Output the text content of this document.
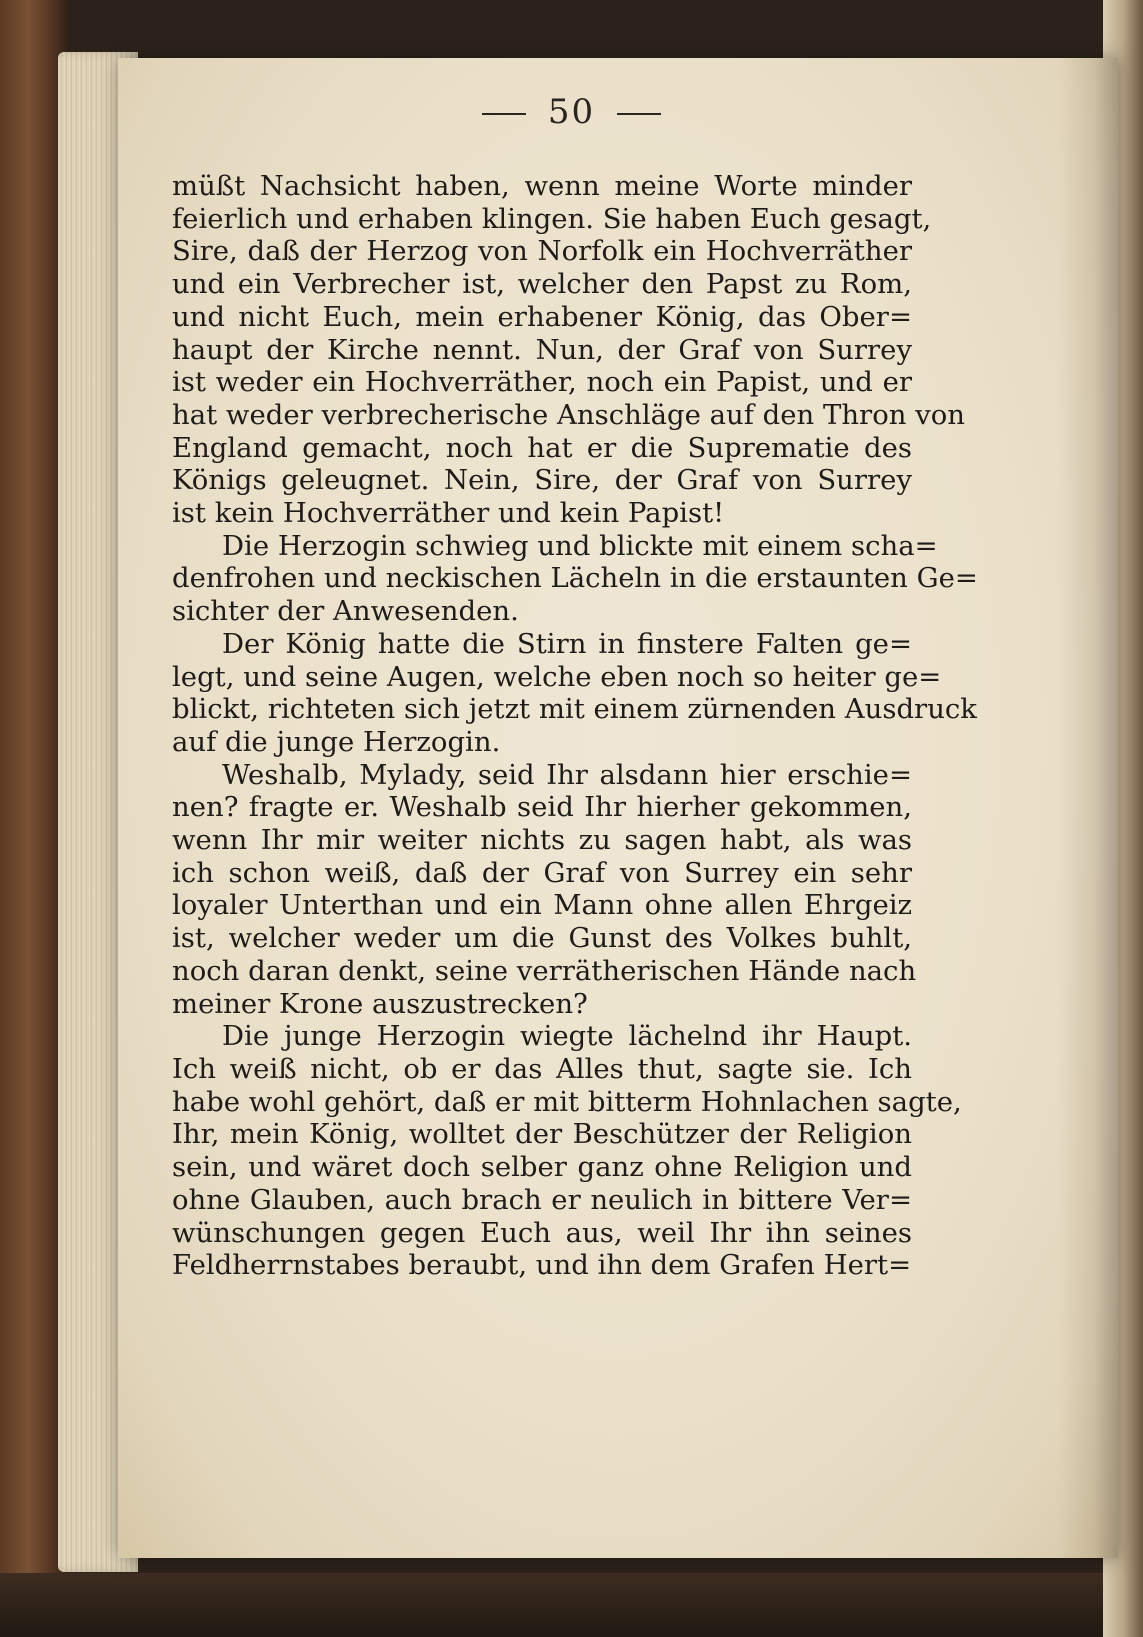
50

müßt Nachsicht haben, wenn meine Worte minder
feierlich und erhaben klingen. Sie haben Euch gesagt,
Sire, daß der Herzog von Norfolk ein Hochverräther
und ein Verbrecher ist, welcher den Papst zu Rom,
und nicht Euch, mein erhabener König, das Ober=
haupt der Kirche nennt. Nun, der Graf von Surrey
ist weder ein Hochverräther, noch ein Papist, und er
hat weder verbrecherische Anschläge auf den Thron von
England gemacht, noch hat er die Suprematie des
Königs geleugnet. Nein, Sire, der Graf von Surrey
ist kein Hochverräther und kein Papist!

Die Herzogin schwieg und blickte mit einem scha=
denfrohen und neckischen Lächeln in die erstaunten Ge=
sichter der Anwesenden.

Der König hatte die Stirn in finstere Falten ge=
legt, und seine Augen, welche eben noch so heiter ge=
blickt, richteten sich jetzt mit einem zürnenden Ausdruck
auf die junge Herzogin.

Weshalb, Mylady, seid Ihr alsdann hier erschie=
nen? fragte er. Weshalb seid Ihr hierher gekommen,
wenn Ihr mir weiter nichts zu sagen habt, als was
ich schon weiß, daß der Graf von Surrey ein sehr
loyaler Unterthan und ein Mann ohne allen Ehrgeiz
ist, welcher weder um die Gunst des Volkes buhlt,
noch daran denkt, seine verrätherischen Hände nach
meiner Krone auszustrecken?

Die junge Herzogin wiegte lächelnd ihr Haupt.
Ich weiß nicht, ob er das Alles thut, sagte sie. Ich
habe wohl gehört, daß er mit bitterm Hohnlachen sagte,
Ihr, mein König, wolltet der Beschützer der Religion
sein, und wäret doch selber ganz ohne Religion und
ohne Glauben, auch brach er neulich in bittere Ver=
wünschungen gegen Euch aus, weil Ihr ihn seines
Feldherrnstabes beraubt, und ihn dem Grafen Hert=
